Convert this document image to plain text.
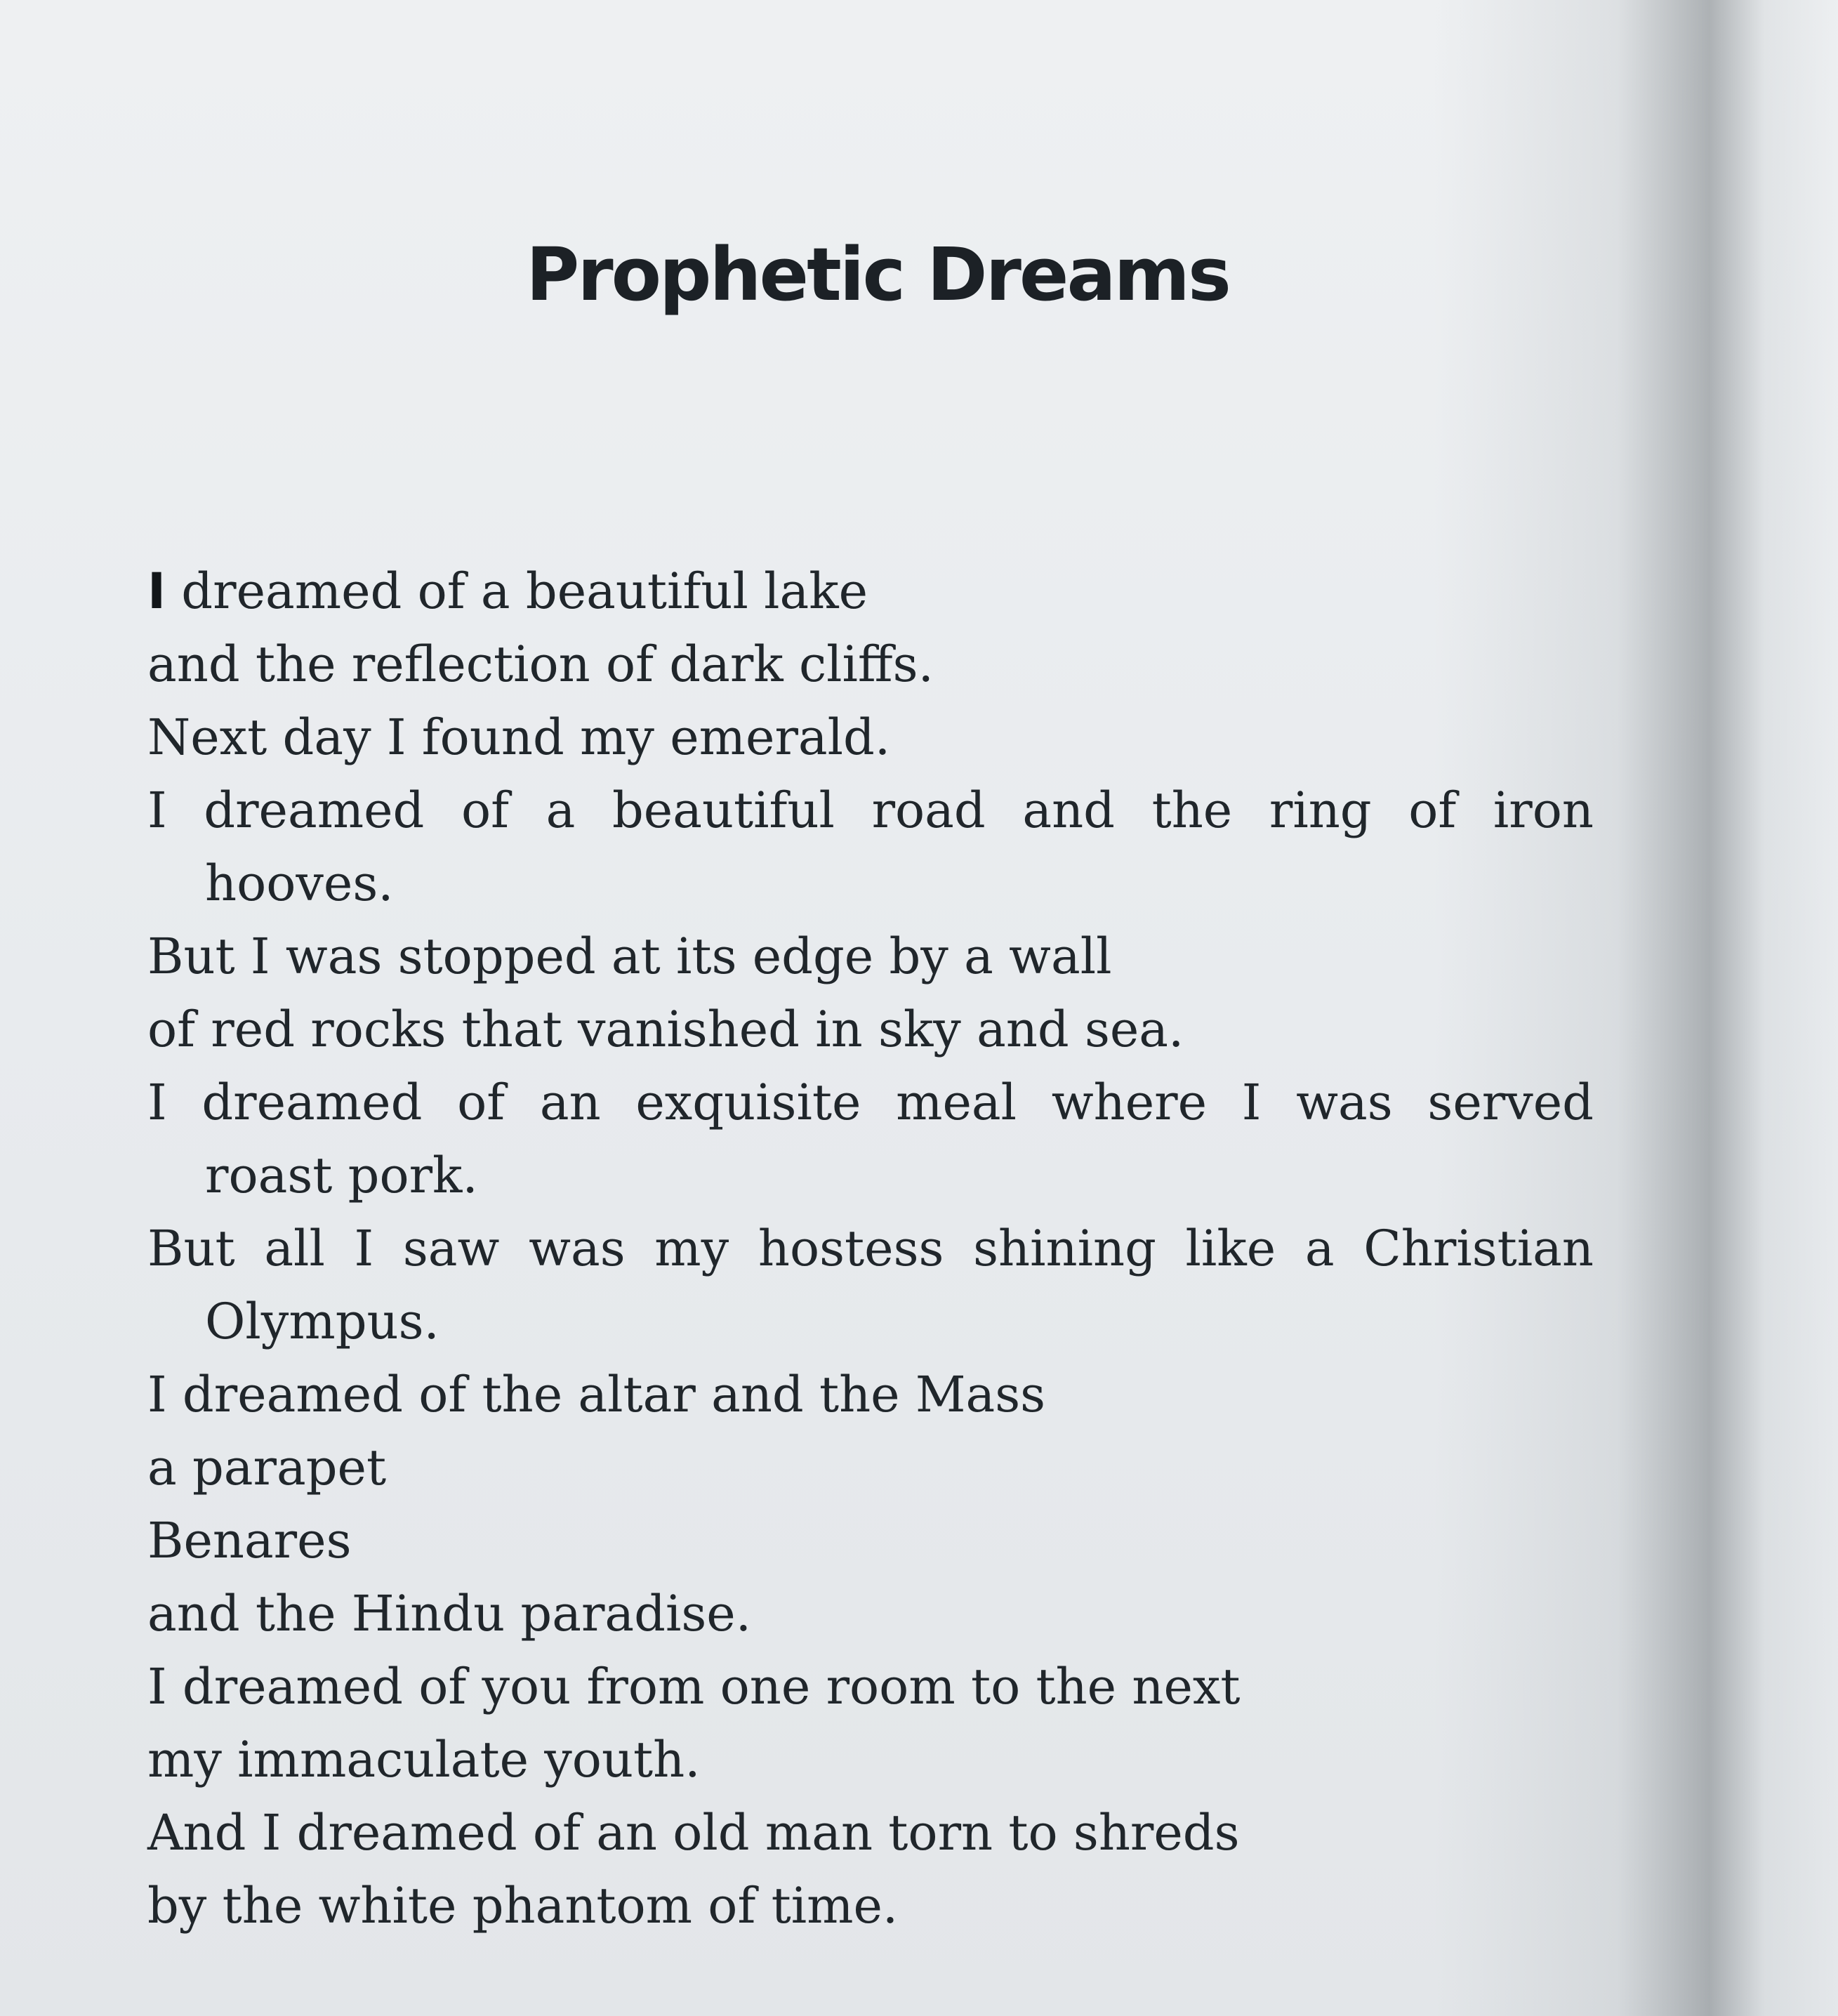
Prophetic Dreams
I dreamed of a beautiful lake
and the reflection of dark cliffs.
Next day I found my emerald.
I dreamed of a beautiful road and the ring of iron
hooves.
But I was stopped at its edge by a wall
of red rocks that vanished in sky and sea.
I dreamed of an exquisite meal where I was served
roast pork.
But all I saw was my hostess shining like a Christian
Olympus.
I dreamed of the altar and the Mass
a parapet
Benares
and the Hindu paradise.
I dreamed of you from one room to the next
my immaculate youth.
And I dreamed of an old man torn to shreds
by the white phantom of time.
